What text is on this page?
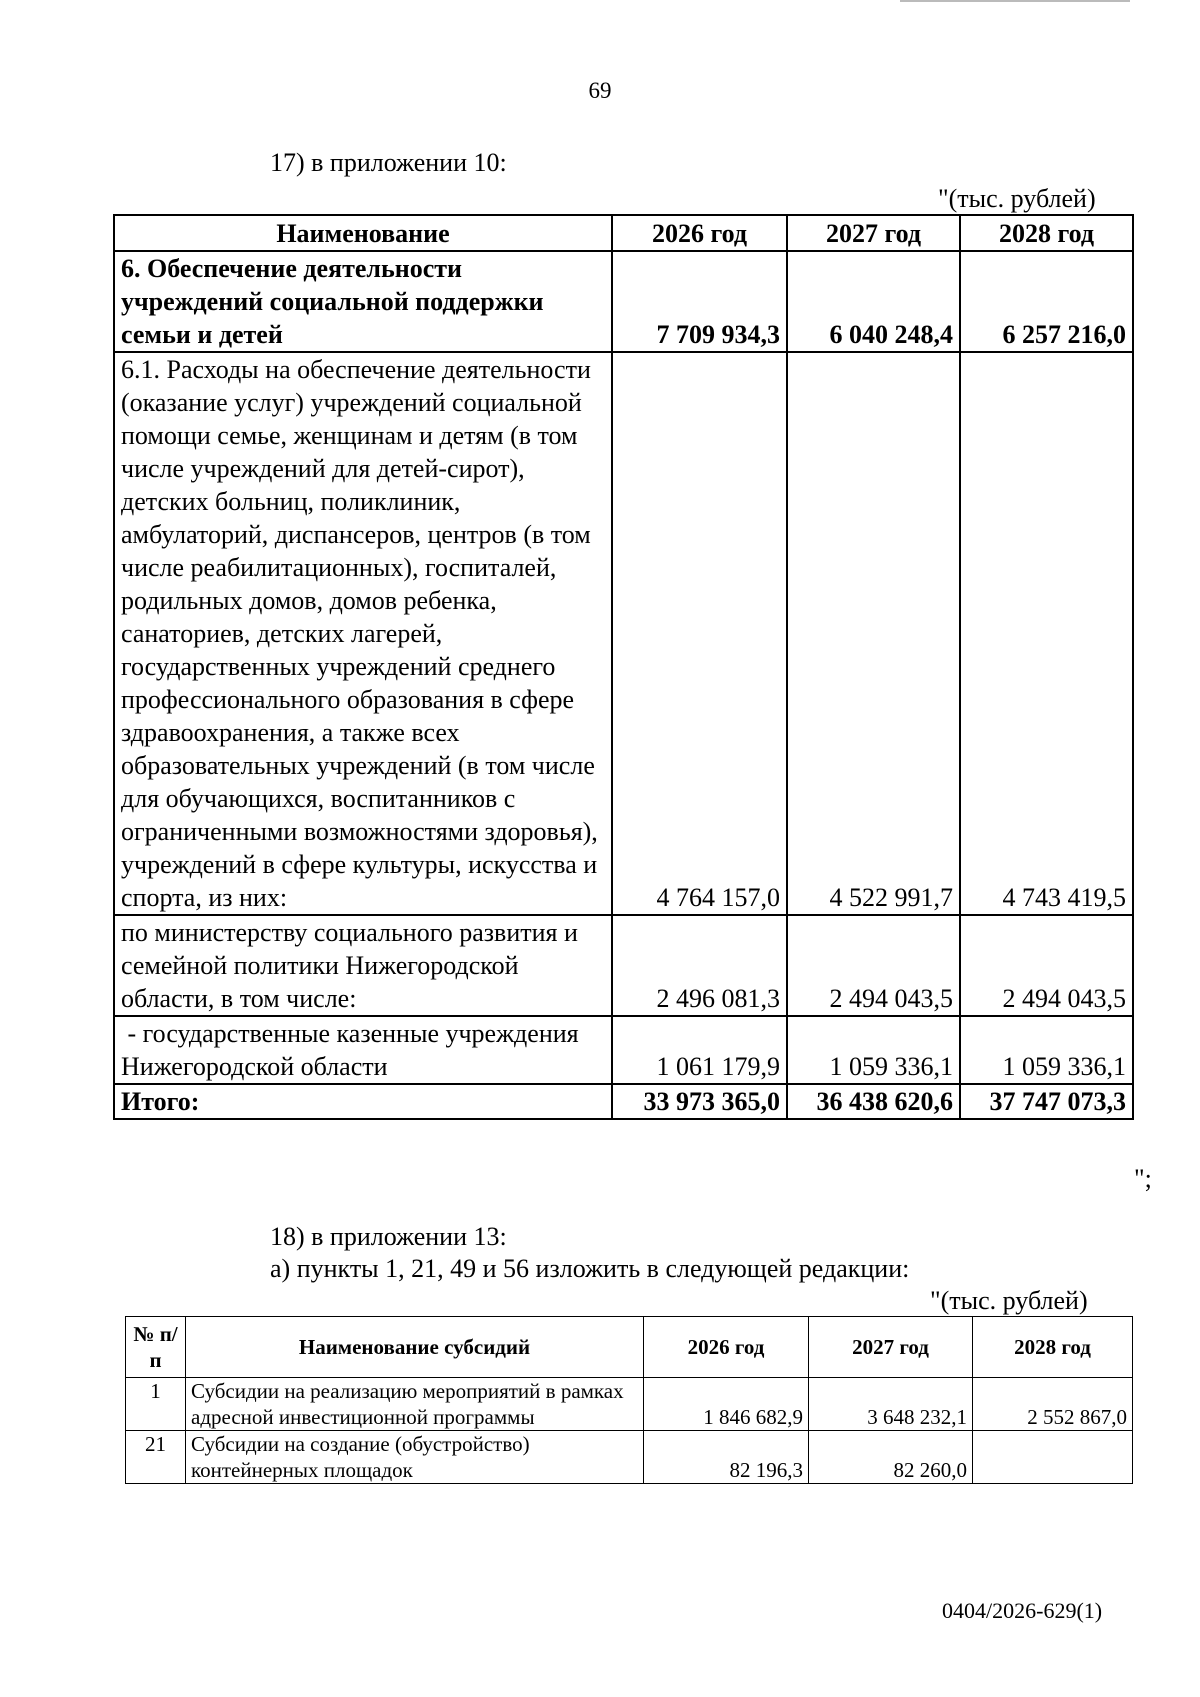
69
17) в приложении 10:
"(тыс. рублей)
Наименование	2026 год	2027 год	2028 год
6. Обеспечение деятельности учреждений социальной поддержки семьи и детей	7 709 934,3	6 040 248,4	6 257 216,0
6.1. Расходы на обеспечение деятельности (оказание услуг) учреждений социальной помощи семье, женщинам и детям (в том числе учреждений для детей-сирот), детских больниц, поликлиник, амбулаторий, диспансеров, центров (в том числе реабилитационных), госпиталей, родильных домов, домов ребенка, санаториев, детских лагерей, государственных учреждений среднего профессионального образования в сфере здравоохранения, а также всех образовательных учреждений (в том числе для обучающихся, воспитанников с ограниченными возможностями здоровья), учреждений в сфере культуры, искусства и спорта, из них:	4 764 157,0	4 522 991,7	4 743 419,5
по министерству социального развития и семейной политики Нижегородской области, в том числе:	2 496 081,3	2 494 043,5	2 494 043,5
- государственные казенные учреждения Нижегородской области	1 061 179,9	1 059 336,1	1 059 336,1
Итого:	33 973 365,0	36 438 620,6	37 747 073,3
";
18) в приложении 13:
а) пункты 1, 21, 49 и 56 изложить в следующей редакции:
"(тыс. рублей)
№ п/п	Наименование субсидий	2026 год	2027 год	2028 год
1	Субсидии на реализацию мероприятий в рамках адресной инвестиционной программы	1 846 682,9	3 648 232,1	2 552 867,0
21	Субсидии на создание (обустройство) контейнерных площадок	82 196,3	82 260,0	
0404/2026-629(1)
